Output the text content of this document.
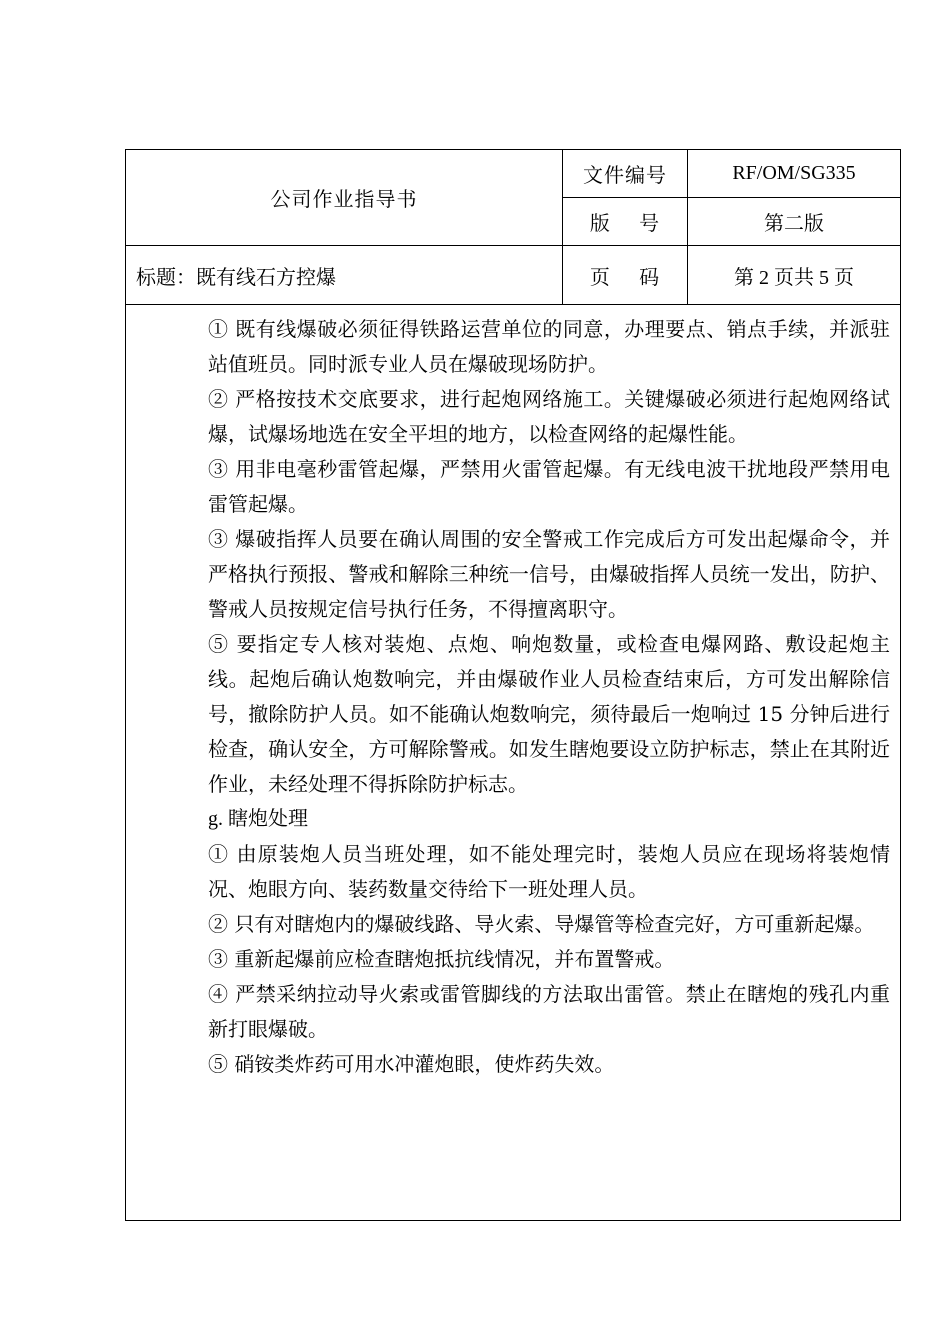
公司作业指导书	文件编号	RF/OM/SG335
	版　 号	第二版
标题：既有线石方控爆	页　 码	第 2 页共 5 页

① 既有线爆破必须征得铁路运营单位的同意，办理要点、销点手续，并派驻站值班员。同时派专业人员在爆破现场防护。

② 严格按技术交底要求，进行起炮网络施工。关键爆破必须进行起炮网络试爆，试爆场地选在安全平坦的地方，以检查网络的起爆性能。

③ 用非电毫秒雷管起爆，严禁用火雷管起爆。有无线电波干扰地段严禁用电雷管起爆。

③ 爆破指挥人员要在确认周围的安全警戒工作完成后方可发出起爆命令，并严格执行预报、警戒和解除三种统一信号，由爆破指挥人员统一发出，防护、警戒人员按规定信号执行任务，不得擅离职守。

⑤ 要指定专人核对装炮、点炮、响炮数量，或检查电爆网路、敷设起炮主线。起炮后确认炮数响完，并由爆破作业人员检查结束后，方可发出解除信号，撤除防护人员。如不能确认炮数响完，须待最后一炮响过 15 分钟后进行检查，确认安全，方可解除警戒。如发生瞎炮要设立防护标志，禁止在其附近作业，未经处理不得拆除防护标志。

g. 瞎炮处理

① 由原装炮人员当班处理，如不能处理完时，装炮人员应在现场将装炮情况、炮眼方向、装药数量交待给下一班处理人员。

② 只有对瞎炮内的爆破线路、导火索、导爆管等检查完好，方可重新起爆。

③ 重新起爆前应检查瞎炮抵抗线情况，并布置警戒。

④ 严禁采纳拉动导火索或雷管脚线的方法取出雷管。禁止在瞎炮的残孔内重新打眼爆破。

⑤ 硝铵类炸药可用水冲灌炮眼，使炸药失效。
